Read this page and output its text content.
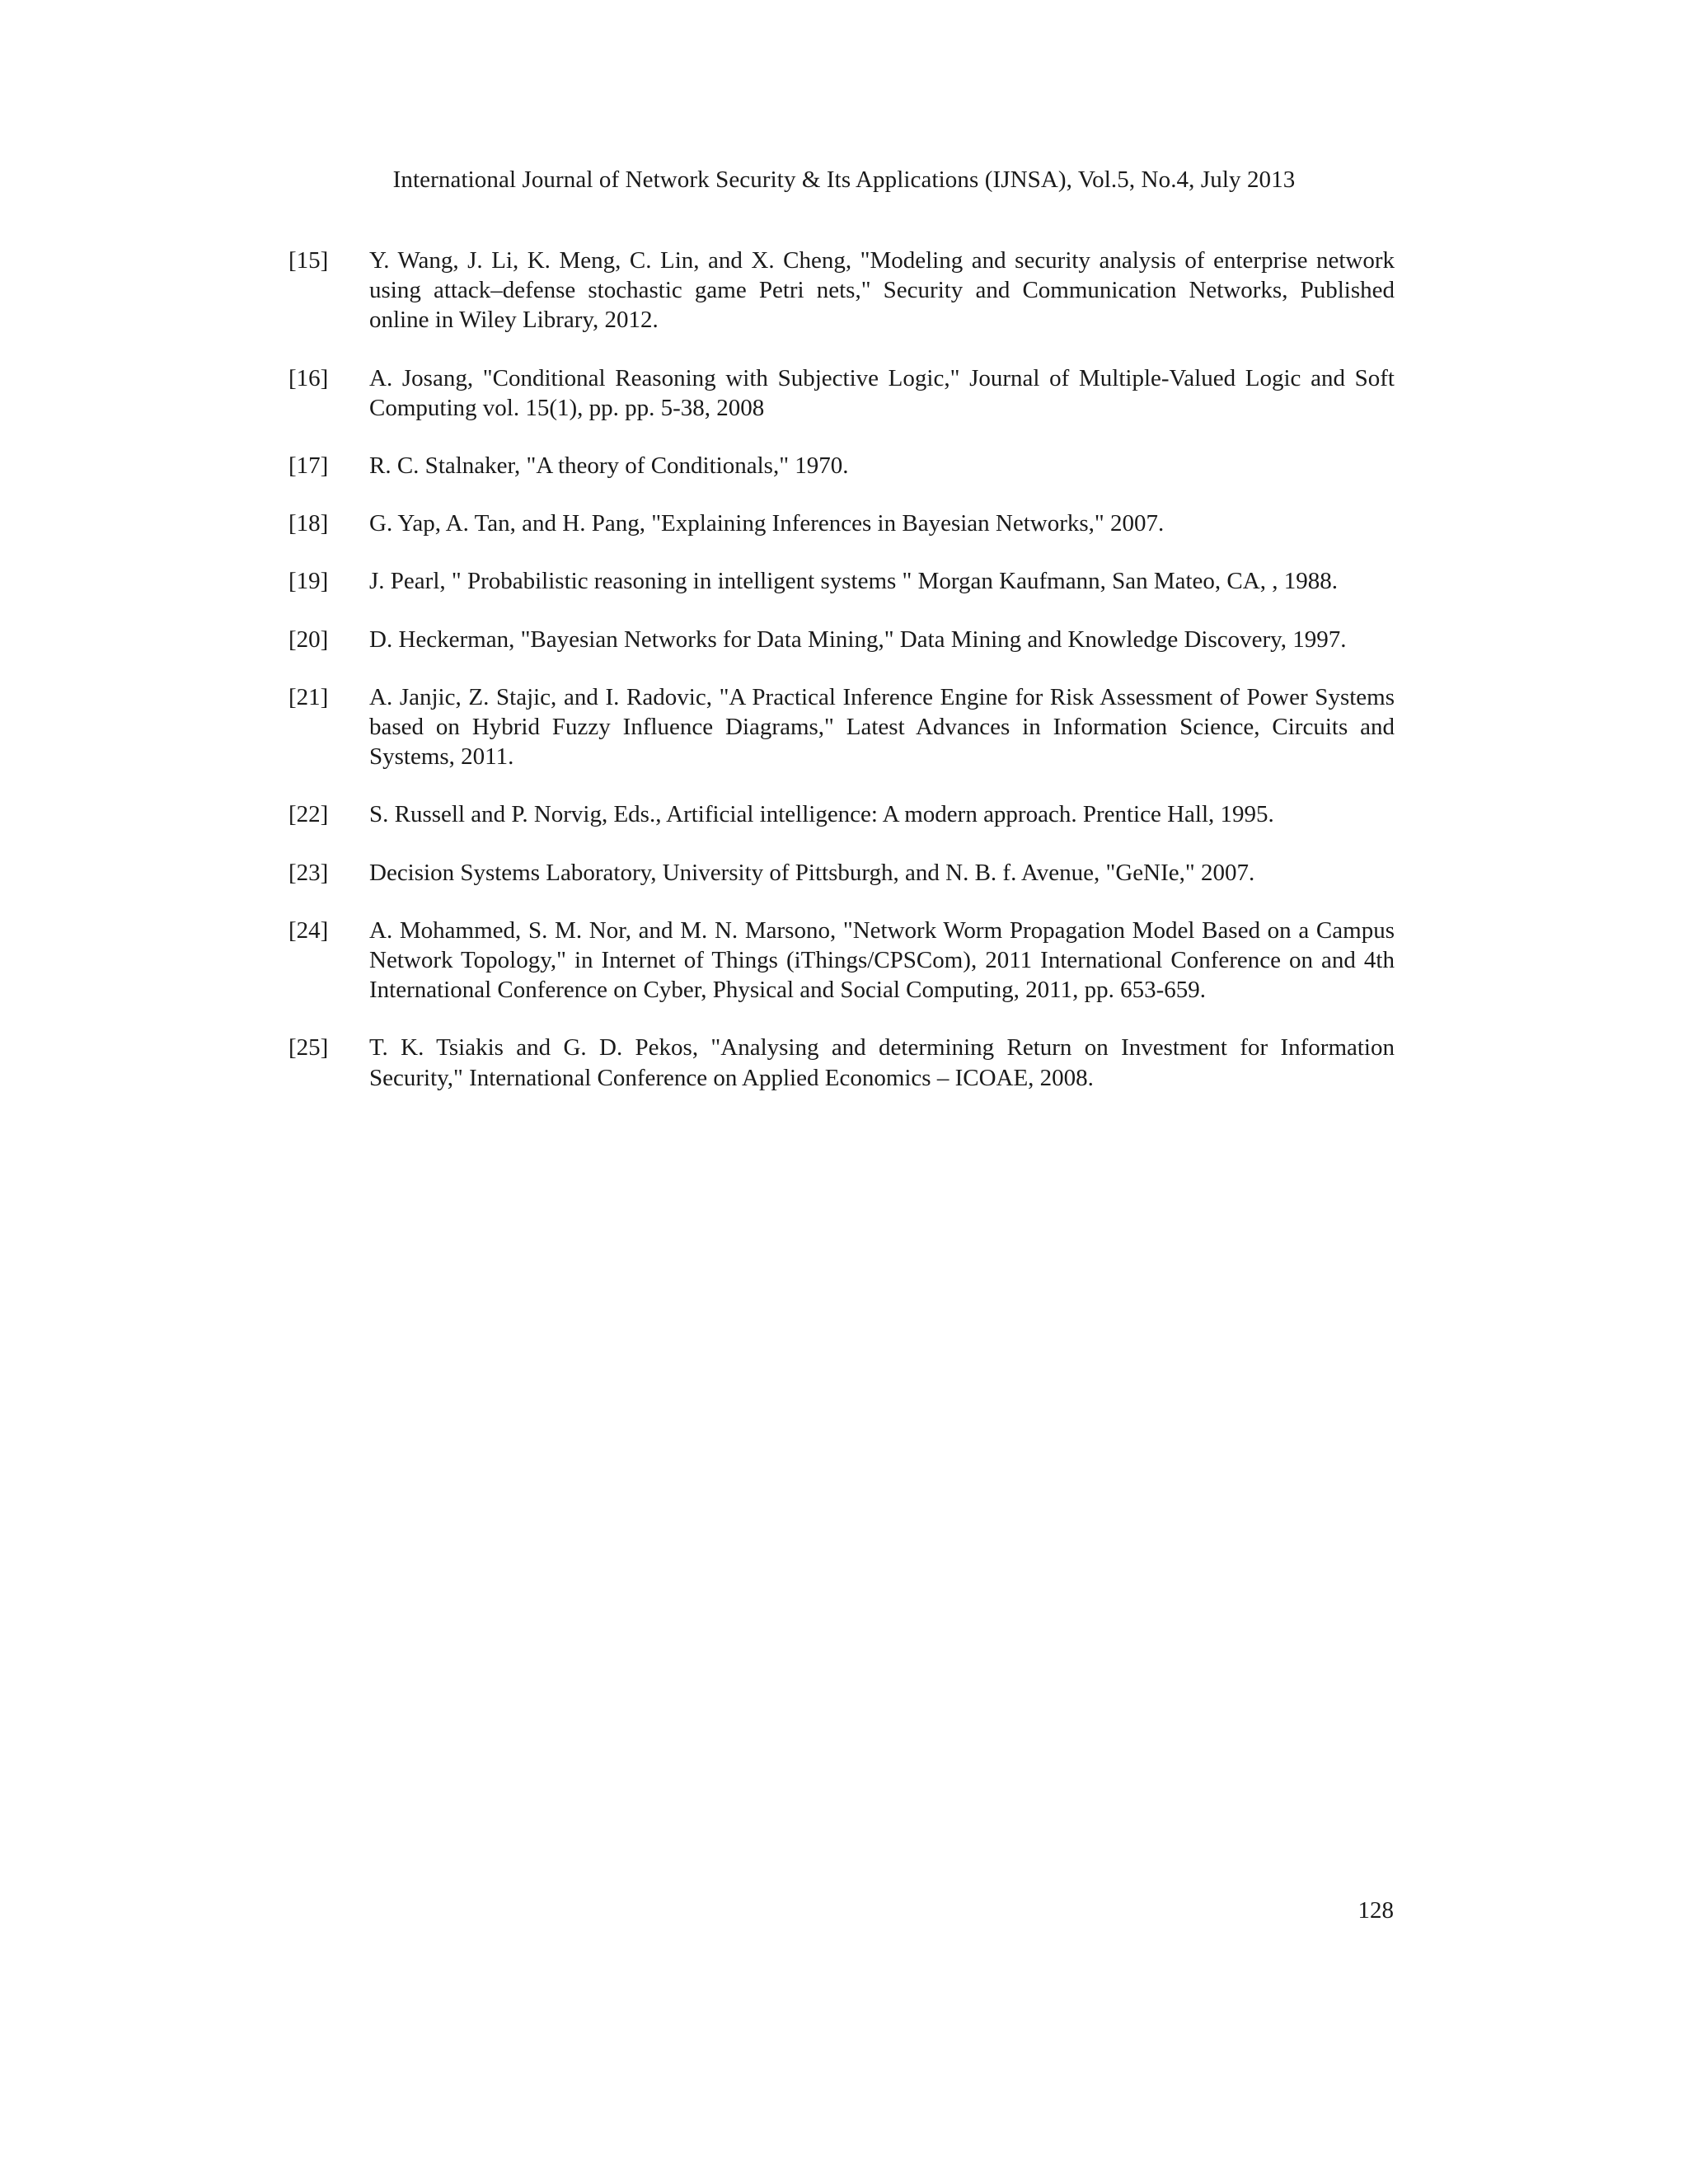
International Journal of Network Security & Its Applications (IJNSA), Vol.5, No.4, July 2013
[15]	Y. Wang, J. Li, K. Meng, C. Lin, and X. Cheng, "Modeling and security analysis of enterprise network using attack–defense stochastic game Petri nets," Security and Communication Networks, Published online in Wiley Library, 2012.
[16]	A. Josang, "Conditional Reasoning with Subjective Logic," Journal of Multiple-Valued Logic and Soft Computing vol. 15(1), pp. pp. 5-38, 2008
[17]	R. C. Stalnaker, "A theory of Conditionals," 1970.
[18]	G. Yap, A. Tan, and H. Pang, "Explaining Inferences in Bayesian Networks," 2007.
[19]	J. Pearl, " Probabilistic reasoning in intelligent systems " Morgan Kaufmann, San Mateo, CA, , 1988.
[20]	D. Heckerman, "Bayesian Networks for Data Mining," Data Mining and Knowledge Discovery, 1997.
[21]	A. Janjic, Z. Stajic, and I. Radovic, "A Practical Inference Engine for Risk Assessment of Power Systems based on Hybrid Fuzzy Influence Diagrams," Latest Advances in Information Science, Circuits and Systems, 2011.
[22]	S. Russell and P. Norvig, Eds., Artificial intelligence: A modern approach. Prentice Hall, 1995.
[23]	Decision Systems Laboratory, University of Pittsburgh, and N. B. f. Avenue, "GeNIe," 2007.
[24]	A. Mohammed, S. M. Nor, and M. N. Marsono, "Network Worm Propagation Model Based on a Campus Network Topology," in Internet of Things (iThings/CPSCom), 2011 International Conference on and 4th International Conference on Cyber, Physical and Social Computing, 2011, pp. 653-659.
[25]	T. K. Tsiakis and G. D. Pekos, "Analysing and determining Return on Investment for Information Security," International Conference on Applied Economics – ICOAE, 2008.
128
